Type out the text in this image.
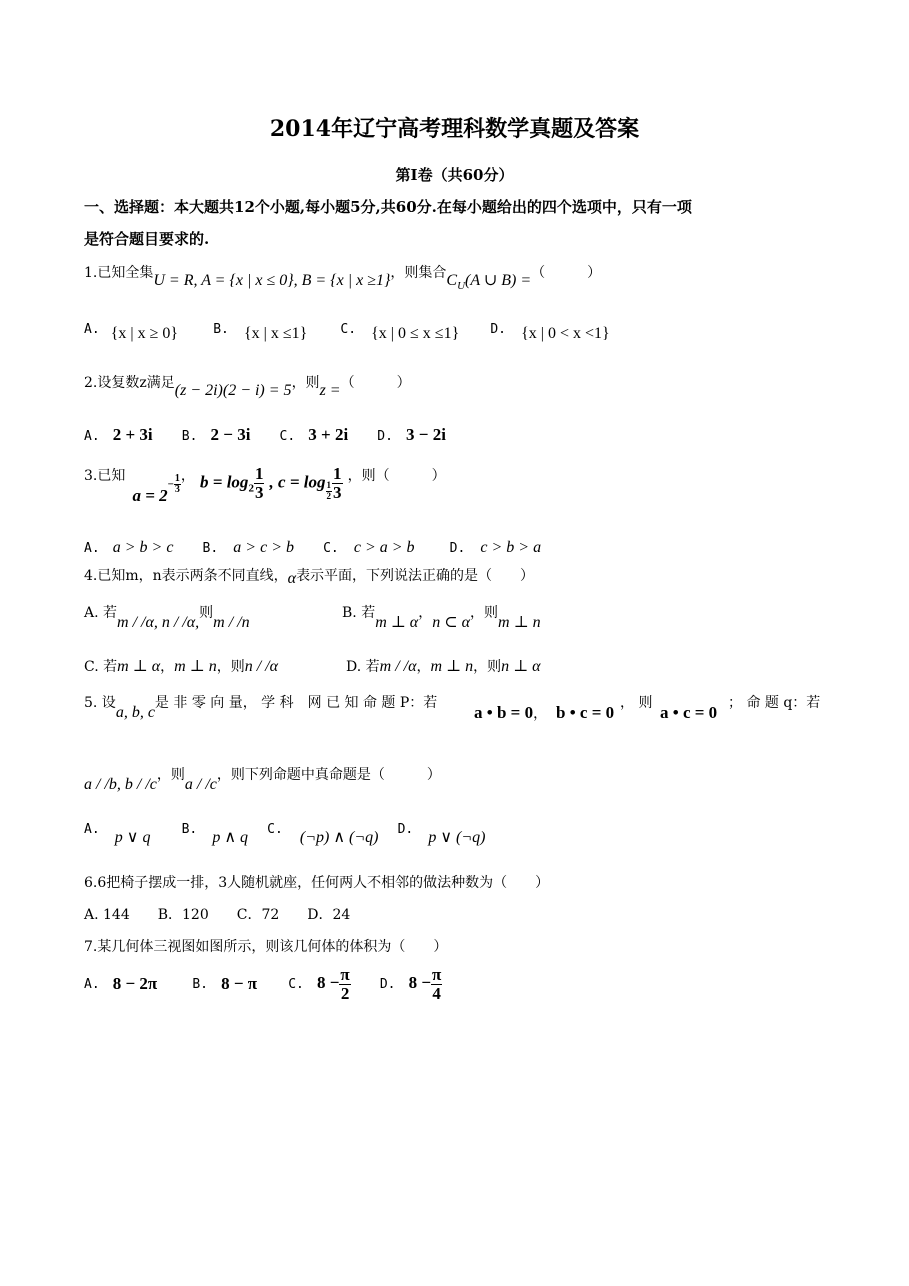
2014年辽宁高考理科数学真题及答案
第Ⅰ卷（共60分）
一、选择题：本大题共12个小题,每小题5分,共60分.在每小题给出的四个选项中，只有一项
是符合题目要求的.
1.已知全集U = R, A = {x | x ≤ 0}, B = {x | x ≥1}，则集合$C_U(A$ ∪ B) =（　　　）
A. {x | x ≥ 0}	B. {x | x ≤1}	C. {x | 0 ≤ x ≤1} D. {x | 0 < x <1}
2.设复数z满足(z − 2i)(2 − i) = 5，则z =（　　　）
A. 2 + 3i B. 2 − 3i C. 3 + 2i D. 3 − 2i
3.已知 $a = 2- \frac{1}{3}$ ， $b = \log_2 \frac{1}{3}$ , $c = \log \frac{1}{2} \frac{1}{3}$ ，则（　　　）
A. a > b > c B. a > c > b C. c > a > b	D. c > b > a
4.已知m，n表示两条不同直线，α表示平面，下列说法正确的是（　　）
A. 若m / /α, n / /α,则m / /n
B. 若m ⊥ α，n ⊂ α，则m ⊥ n
C. 若m ⊥ α，m ⊥ n，则n / /α	D. 若m / /α，m ⊥ n，则n ⊥ α
5. 设a, b, c是 非 零 向 量， 学 科　网 已 知 命 题 P：若 a • b = 0， b • c = 0 ， 则 a • c = 0 ； 命 题 q：若
a / /b, b / /c，则a / /c，则下列命题中真命题是（　　　）
A. p ∨ q B. p ∧ q C. (¬p) ∧ (¬q) D. p ∨ (¬q)
6.6把椅子摆成一排，3人随机就座，任何两人不相邻的做法种数为（　　）
A. 144　　B．120　　C．72　　D．24
7.某几何体三视图如图所示，则该几何体的体积为（　　）
A. 8 − 2π	B. 8 − π C. $8 - \frac{\pi}{2} D$. $8 - \frac{\pi}{4}$
